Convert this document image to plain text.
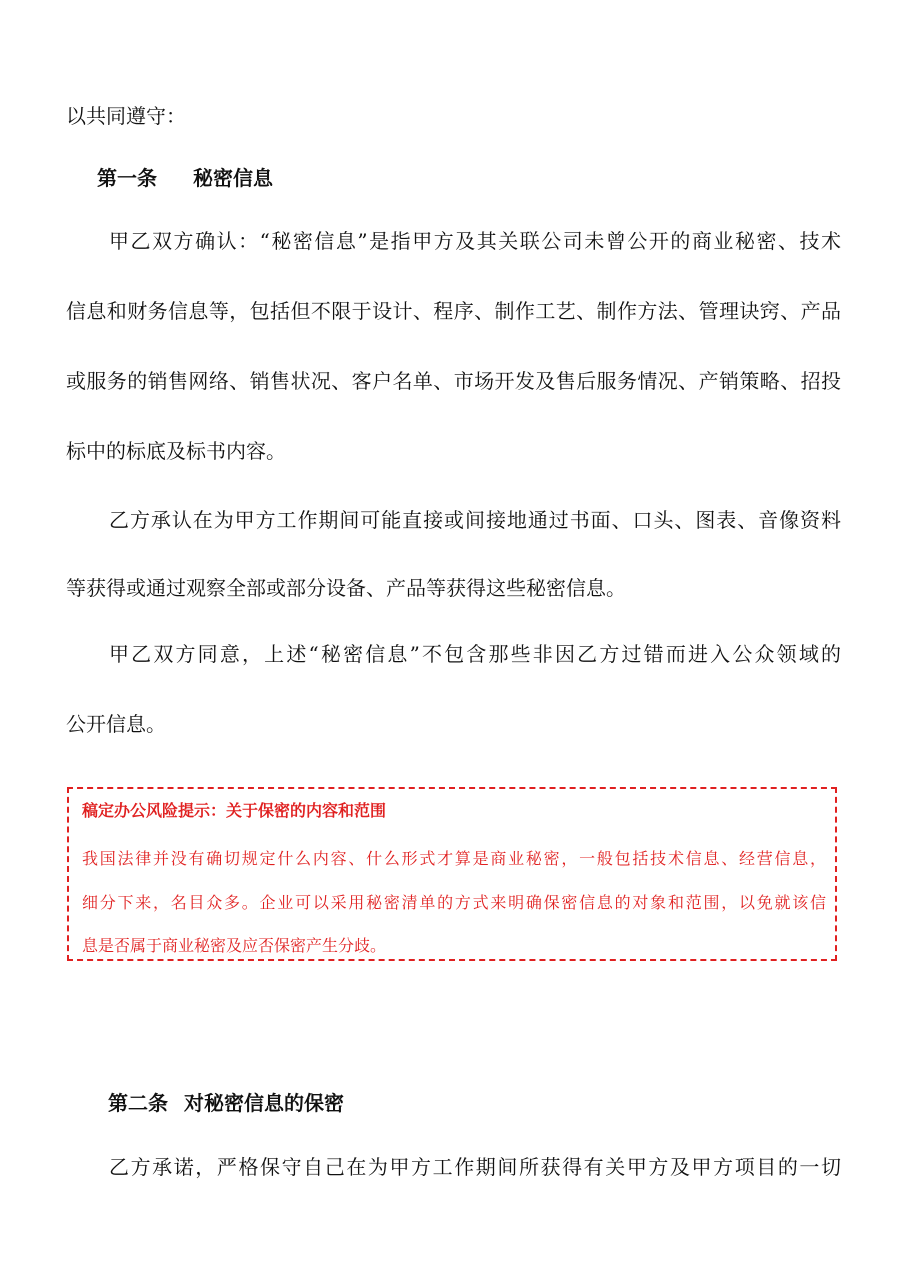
以共同遵守：
第一条 秘密信息
甲乙双方确认：“秘密信息”是指甲方及其关联公司未曾公开的商业秘密、技术
信息和财务信息等，包括但不限于设计、程序、制作工艺、制作方法、管理诀窍、产品
或服务的销售网络、销售状况、客户名单、市场开发及售后服务情况、产销策略、招投
标中的标底及标书内容。
乙方承认在为甲方工作期间可能直接或间接地通过书面、口头、图表、音像资料
等获得或通过观察全部或部分设备、产品等获得这些秘密信息。
甲乙双方同意，上述“秘密信息”不包含那些非因乙方过错而进入公众领域的
公开信息。
稿定办公风险提示：关于保密的内容和范围
我国法律并没有确切规定什么内容、什么形式才算是商业秘密，一般包括技术信息、经营信息，
细分下来，名目众多。企业可以采用秘密清单的方式来明确保密信息的对象和范围，以免就该信
息是否属于商业秘密及应否保密产生分歧。
第二条 对秘密信息的保密
乙方承诺，严格保守自己在为甲方工作期间所获得有关甲方及甲方项目的一切
